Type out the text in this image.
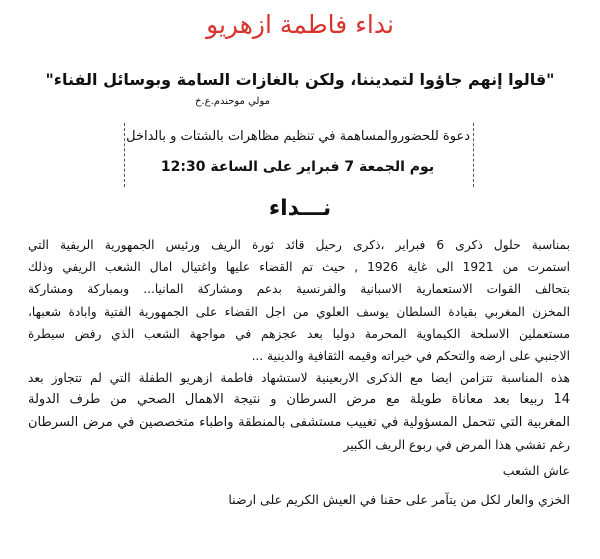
نداء فاطمة ازهريو
"قالوا إنهم جاؤوا لتمديننا، ولكن بالغازات السامة وبوسائل الفناء"
مولي موحندم.ع.خ
دعوة للحضوروالمساهمة في تنظيم مظاهرات بالشتات و بالداخل
يوم الجمعة 7 فبراير على الساعة 12:30
نـــداء
بمناسبة حلول ذكرى 6 فبراير ،ذكرى رحيل قائد ثورة الريف ورئيس الجمهورية الريفية التي
استمرت من 1921 الى غاية 1926 , حيث تم القضاء عليها واغتيال امال الشعب الريفي وذلك
بتحالف القوات الاستعمارية الاسبانية والفرنسية بدعم ومشاركة المانيا... وبمباركة ومشاركة
المخزن المغربي بقيادة السلطان يوسف العلوي من اجل القضاء على الجمهورية الفتية وابادة شعبها،
مستعملين الاسلحة الكيماوية المحرمة دوليا بعد عجزهم في مواجهة الشعب الذي رفض سيطرة
الاجنبي على ارضه والتحكم في خيراته وقيمه الثقافية والدينية ...
هذه المناسبة تتزامن ايضا مع الذكرى الاربعينية لاستشهاد فاطمة ازهريو الطفلة التي لم تتجاوز بعد
14 ربيعا بعد معاناة طويلة مع مرض السرطان و نتيجة الاهمال الصحي من طرف الدولة
المغربية التي تتحمل المسؤولية في تغييب مستشفى بالمنطقة واطباء متخصصين في مرض السرطان
رغم تفشي هذا المرض في ربوع الريف الكبير
عاش الشعب
الخزي والعار لكل من يتآمر على حقنا في العيش الكريم على ارضنا
